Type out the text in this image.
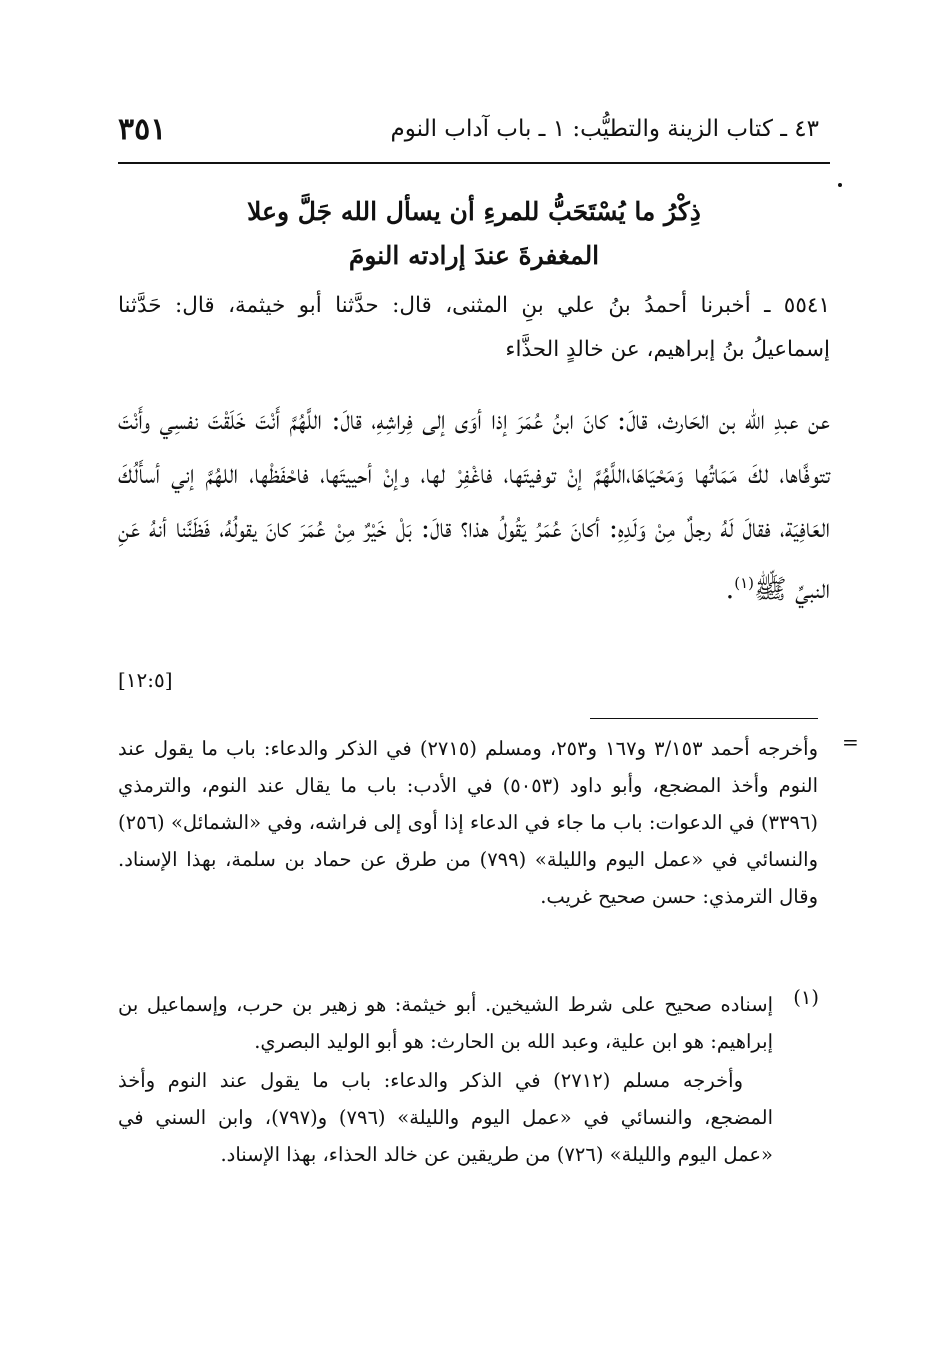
٣٥١	٤٣ ـ كتاب الزينة والتطيُّب: ١ ـ باب آداب النوم
ذِكْرُ ما يُسْتَحَبُّ للمرءِ أن يسأل الله جَلَّ وعلا
المغفرةَ عندَ إرادته النومَ
٥٥٤١ ـ أخبرنا أحمدُ بنُ علي بنِ المثنى، قال: حدَّثنا أبو خيثمة، قال: حَدَّثنا إسماعيلُ بنُ إبراهيم، عن خالدٍ الحذَّاء
عن عبدِ الله بن الحَارث، قالَ: كانَ ابنُ عُمَرَ إذا أوَى إلى فِراشِهِ، قالَ: اللَّهُمَّ أَنْتَ خَلَقْتَ نفسِي وأَنْتَ تتوفَّاها، لكَ مَمَاتُها وَمَحْيَاهَا،اللَّهُمَّ إنْ توفيتَها، فاغْفِرْ لها، وإنْ أحييتَها، فاحْفَظْها، اللهُمَّ إني أسأَلُكَ العَافِيَة، فقالَ لَهُ رجلٌ مِنْ وَلَدِهِ: أكانَ عُمَرُ يَقُولُ هذا؟ قالَ: بَلْ خَيْرٌ مِنْ عُمَرَ كانَ يقولُهُ، فَظَنَّنا أنهُ عَنِ النبيِّ ﷺ$^{(١)}$.
[١٢:٥]
=
وأخرجه أحمد ٣/١٥٣ و١٦٧ و٢٥٣، ومسلم (٢٧١٥) في الذكر والدعاء: باب ما يقول عند النوم وأخذ المضجع، وأبو داود (٥٠٥٣) في الأدب: باب ما يقال عند النوم، والترمذي (٣٣٩٦) في الدعوات: باب ما جاء في الدعاء إذا أوى إلى فراشه، وفي «الشمائل» (٢٥٦) والنسائي في «عمل اليوم والليلة» (٧٩٩) من طرق عن حماد بن سلمة، بهذا الإسناد. وقال الترمذي: حسن صحيح غريب.
(١)

إسناده صحيح على شرط الشيخين. أبو خيثمة: هو زهير بن حرب، وإسماعيل بن إبراهيم: هو ابن علية، وعبد الله بن الحارث: هو أبو الوليد البصري.

وأخرجه مسلم (٢٧١٢) في الذكر والدعاء: باب ما يقول عند النوم وأخذ المضجع، والنسائي في «عمل اليوم والليلة» (٧٩٦) و(٧٩٧)، وابن السني في «عمل اليوم والليلة» (٧٢٦) من طريقين عن خالد الحذاء، بهذا الإسناد.
